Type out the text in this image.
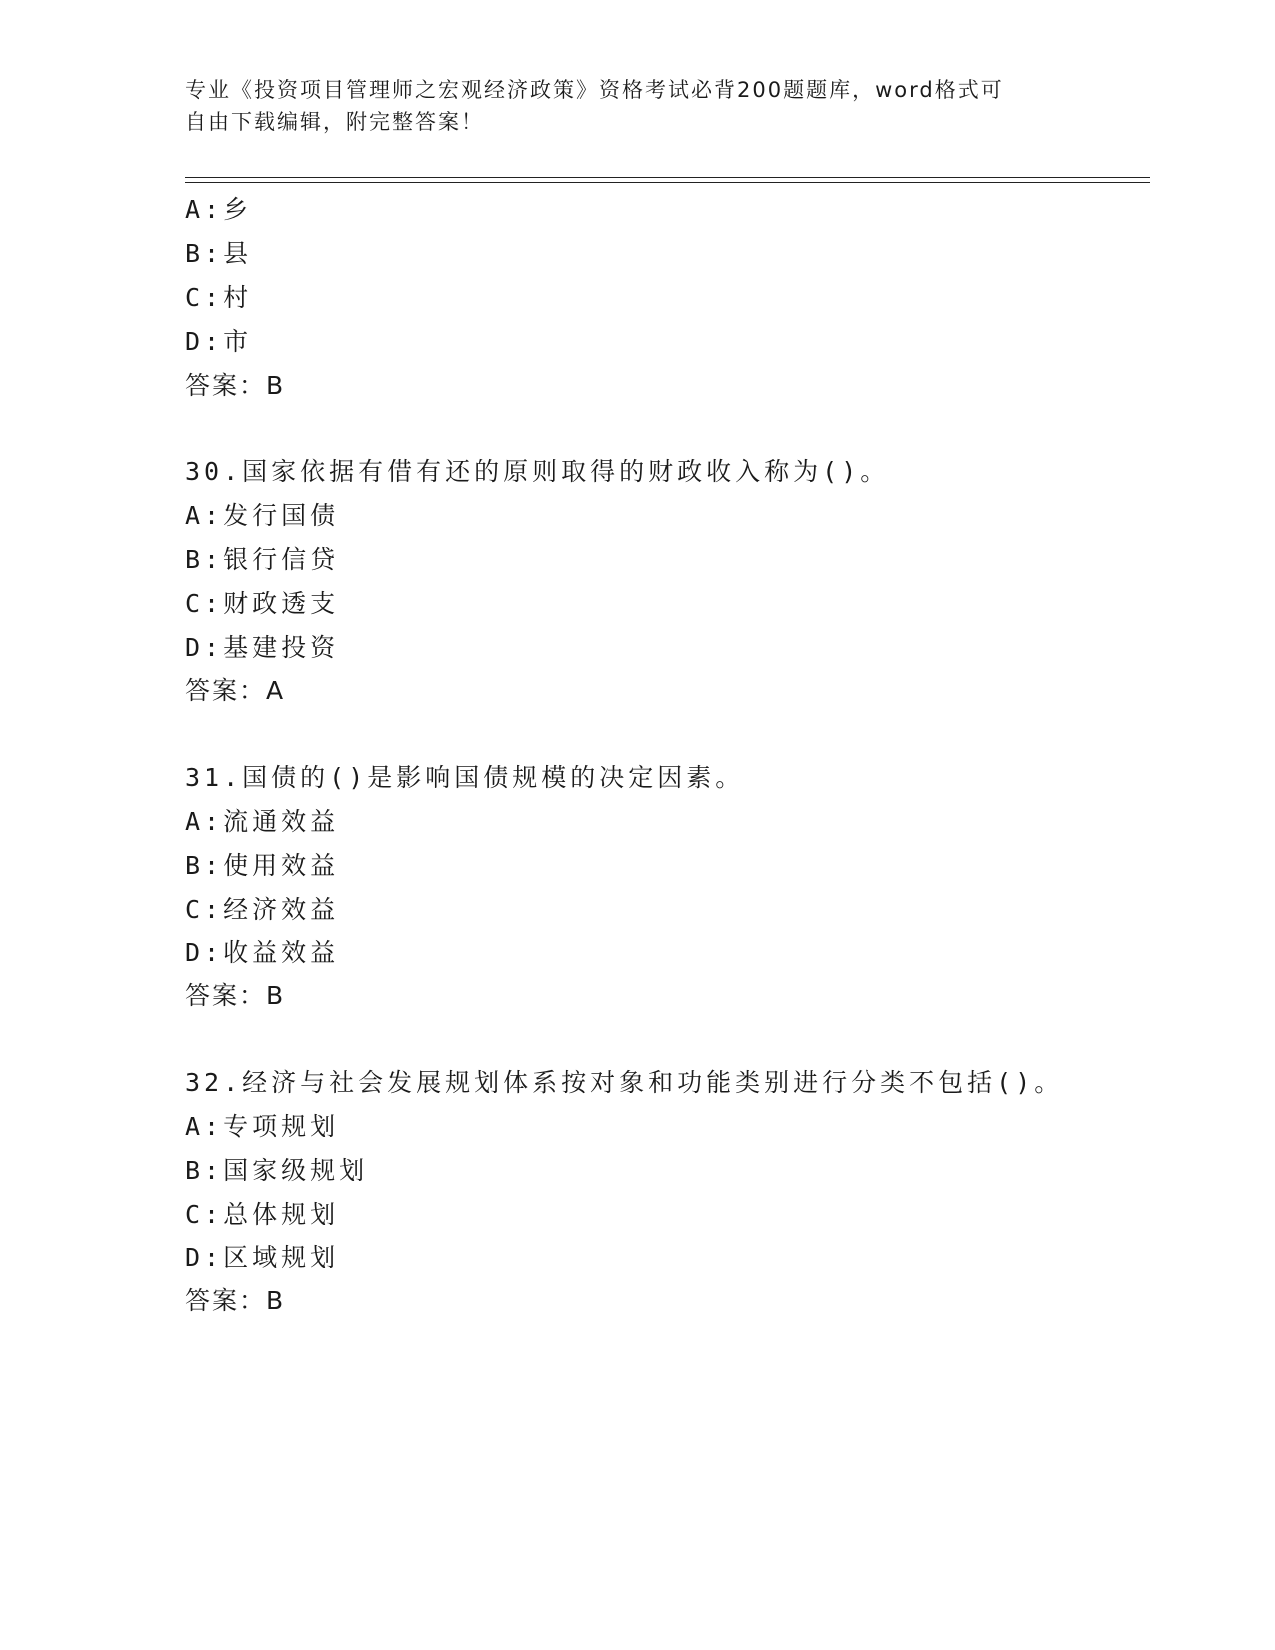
专业《投资项目管理师之宏观经济政策》资格考试必背200题题库，word格式可
自由下载编辑，附完整答案！
A:乡
B:县
C:村
D:市
答案：B
30.国家依据有借有还的原则取得的财政收入称为()。
A:发行国债
B:银行信贷
C:财政透支
D:基建投资
答案：A
31.国债的()是影响国债规模的决定因素。
A:流通效益
B:使用效益
C:经济效益
D:收益效益
答案：B
32.经济与社会发展规划体系按对象和功能类别进行分类不包括()。
A:专项规划
B:国家级规划
C:总体规划
D:区域规划
答案：B
